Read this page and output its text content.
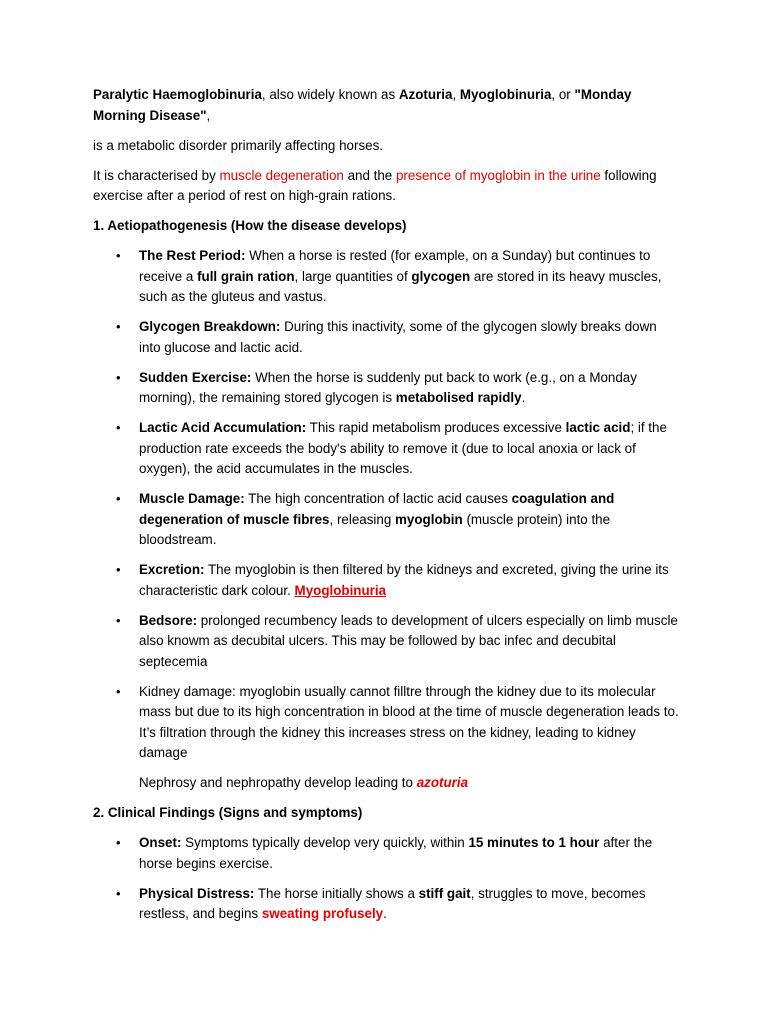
Paralytic Haemoglobinuria, also widely known as Azoturia, Myoglobinuria, or "Monday Morning Disease",

is a metabolic disorder primarily affecting horses.

It is characterised by muscle degeneration and the presence of myoglobin in the urine following exercise after a period of rest on high-grain rations.

1. Aetiopathogenesis (How the disease develops)

• The Rest Period: When a horse is rested (for example, on a Sunday) but continues to receive a full grain ration, large quantities of glycogen are stored in its heavy muscles, such as the gluteus and vastus.
• Glycogen Breakdown: During this inactivity, some of the glycogen slowly breaks down into glucose and lactic acid.
• Sudden Exercise: When the horse is suddenly put back to work (e.g., on a Monday morning), the remaining stored glycogen is metabolised rapidly.
• Lactic Acid Accumulation: This rapid metabolism produces excessive lactic acid; if the production rate exceeds the body's ability to remove it (due to local anoxia or lack of oxygen), the acid accumulates in the muscles.
• Muscle Damage: The high concentration of lactic acid causes coagulation and degeneration of muscle fibres, releasing myoglobin (muscle protein) into the bloodstream.
• Excretion: The myoglobin is then filtered by the kidneys and excreted, giving the urine its characteristic dark colour. Myoglobinuria
• Bedsore: prolonged recumbency leads to development of ulcers especially on limb muscle also knowm as decubital ulcers. This may be followed by bac infec and decubital septecemia
• Kidney damage: myoglobin usually cannot filltre through the kidney due to its molecular mass but due to its high concentration in blood at the time of muscle degeneration leads to. It’s filtration through the kidney this increases stress on the kidney, leading to kidney damage

Nephrosy and nephropathy develop leading to azoturia

2. Clinical Findings (Signs and symptoms)

• Onset: Symptoms typically develop very quickly, within 15 minutes to 1 hour after the horse begins exercise.
• Physical Distress: The horse initially shows a stiff gait, struggles to move, becomes restless, and begins sweating profusely.
